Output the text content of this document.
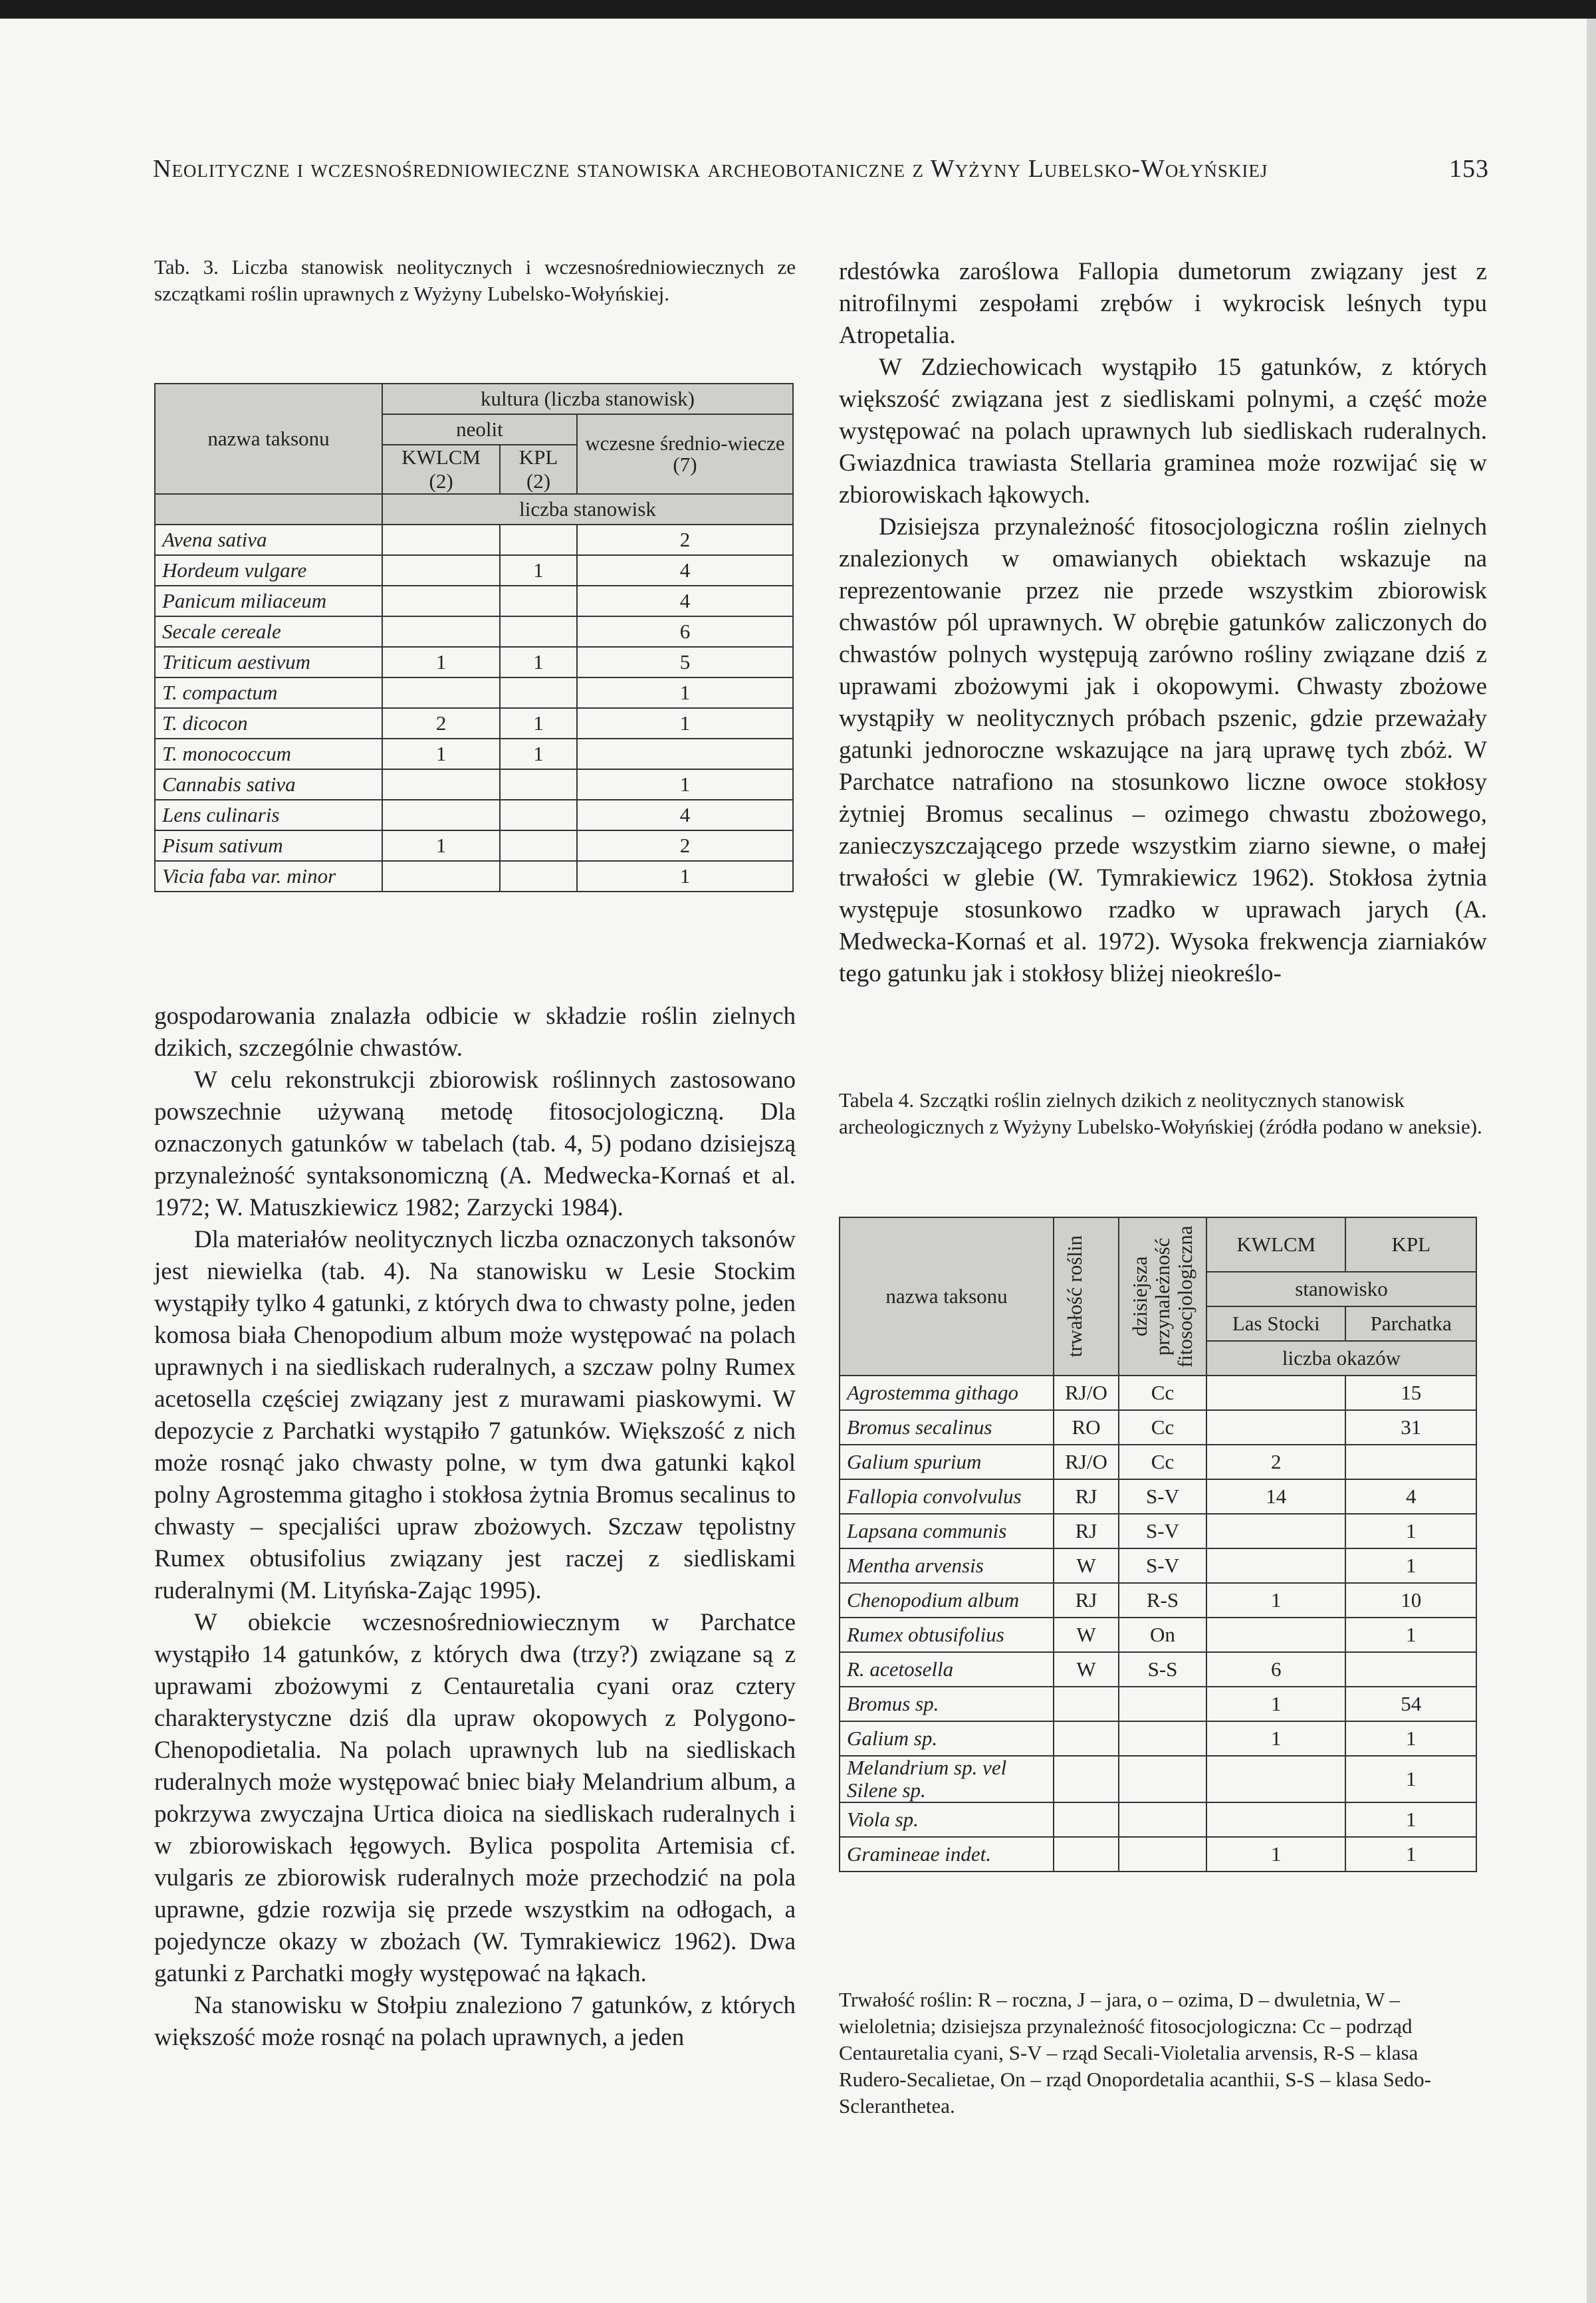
Neolityczne i wczesnośredniowieczne stanowiska archeobotaniczne z Wyżyny Lubelsko-Wołyńskiej	153
Tab. 3. Liczba stanowisk neolitycznych i wczesnośredniowiecznych ze szczątkami roślin uprawnych z Wyżyny Lubelsko-Wołyńskiej.
nazwa taksonu	kultura (liczba stanowisk)		
	neolit		wczesne średnio-wiecze (7)
	KWLCM (2)	KPL (2)	
	liczba stanowisk		
Avena sativa			2
Hordeum vulgare		1	4
Panicum miliaceum			4
Secale cereale			6
Triticum aestivum	1	1	5
T. compactum			1
T. dicocon	2	1	1
T. monococcum	1	1	
Cannabis sativa			1
Lens culinaris			4
Pisum sativum	1		2
Vicia faba var. minor			1

gospodarowania znalazła odbicie w składzie roślin zielnych dzikich, szczególnie chwastów.

W celu rekonstrukcji zbiorowisk roślinnych zastosowano powszechnie używaną metodę fitosocjologiczną. Dla oznaczonych gatunków w tabelach (tab. 4, 5) podano dzisiejszą przynależność syntaksonomiczną (A. Medwecka-Kornaś et al. 1972; W. Matuszkiewicz 1982; Zarzycki 1984).

Dla materiałów neolitycznych liczba oznaczonych taksonów jest niewielka (tab. 4). Na stanowisku w Lesie Stockim wystąpiły tylko 4 gatunki, z których dwa to chwasty polne, jeden komosa biała Chenopodium album może występować na polach uprawnych i na siedliskach ruderalnych, a szczaw polny Rumex acetosella częściej związany jest z murawami piaskowymi. W depozycie z Parchatki wystąpiło 7 gatunków. Większość z nich może rosnąć jako chwasty polne, w tym dwa gatunki kąkol polny Agrostemma gitagho i stokłosa żytnia Bromus secalinus to chwasty – specjaliści upraw zbożowych. Szczaw tępolistny Rumex obtusifolius związany jest raczej z siedliskami ruderalnymi (M. Lityńska-Zając 1995).

W obiekcie wczesnośredniowiecznym w Parchatce wystąpiło 14 gatunków, z których dwa (trzy?) związane są z uprawami zbożowymi z Centauretalia cyani oraz cztery charakterystyczne dziś dla upraw okopowych z Polygono-Chenopodietalia. Na polach uprawnych lub na siedliskach ruderalnych może występować bniec biały Melandrium album, a pokrzywa zwyczajna Urtica dioica na siedliskach ruderalnych i w zbiorowiskach łęgowych. Bylica pospolita Artemisia cf. vulgaris ze zbiorowisk ruderalnych może przechodzić na pola uprawne, gdzie rozwija się przede wszystkim na odłogach, a pojedyncze okazy w zbożach (W. Tymrakiewicz 1962). Dwa gatunki z Parchatki mogły występować na łąkach.

Na stanowisku w Stołpiu znaleziono 7 gatunków, z których większość może rosnąć na polach uprawnych, a jeden

rdestówka zaroślowa Fallopia dumetorum związany jest z nitrofilnymi zespołami zrębów i wykrocisk leśnych typu Atropetalia.

W Zdziechowicach wystąpiło 15 gatunków, z których większość związana jest z siedliskami polnymi, a część może występować na polach uprawnych lub siedliskach ruderalnych. Gwiazdnica trawiasta Stellaria graminea może rozwijać się w zbiorowiskach łąkowych.

Dzisiejsza przynależność fitosocjologiczna roślin zielnych znalezionych w omawianych obiektach wskazuje na reprezentowanie przez nie przede wszystkim zbiorowisk chwastów pól uprawnych. W obrębie gatunków zaliczonych do chwastów polnych występują zarówno rośliny związane dziś z uprawami zbożowymi jak i okopowymi. Chwasty zbożowe wystąpiły w neolitycznych próbach pszenic, gdzie przeważały gatunki jednoroczne wskazujące na jarą uprawę tych zbóż. W Parchatce natrafiono na stosunkowo liczne owoce stokłosy żytniej Bromus secalinus – ozimego chwastu zbożowego, zanieczyszczającego przede wszystkim ziarno siewne, o małej trwałości w glebie (W. Tymrakiewicz 1962). Stokłosa żytnia występuje stosunkowo rzadko w uprawach jarych (A. Medwecka-Kornaś et al. 1972). Wysoka frekwencja ziarniaków tego gatunku jak i stokłosy bliżej nieokreślo-

Tabela 4. Szczątki roślin zielnych dzikich z neolitycznych stanowisk archeologicznych z Wyżyny Lubelsko-Wołyńskiej (źródła podano w aneksie).
nazwa taksonu	trwałość roślin	dzisiejsza przynależność fitosocjologiczna	KWLCM	KPL
			stanowisko	
			Las Stocki	Parchatka
			liczba okazów	
Agrostemma githago	RJ/O	Cc		15
Bromus secalinus	RO	Cc		31
Galium spurium	RJ/O	Cc	2	
Fallopia convolvulus	RJ	S-V	14	4
Lapsana communis	RJ	S-V		1
Mentha arvensis	W	S-V		1
Chenopodium album	RJ	R-S	1	10
Rumex obtusifolius	W	On		1
R. acetosella	W	S-S	6	
Bromus sp.			1	54
Galium sp.			1	1
Melandrium sp. vel Silene sp.				1
Viola sp.				1
Gramineae indet.			1	1
Trwałość roślin: R – roczna, J – jara, o – ozima, D – dwuletnia, W – wieloletnia; dzisiejsza przynależność fitosocjologiczna: Cc – podrząd Centauretalia cyani, S-V – rząd Secali-Violetalia arvensis, R-S – klasa Rudero-Secalietae, On – rząd Onopordetalia acanthii, S-S – klasa Sedo-Scleranthetea.
